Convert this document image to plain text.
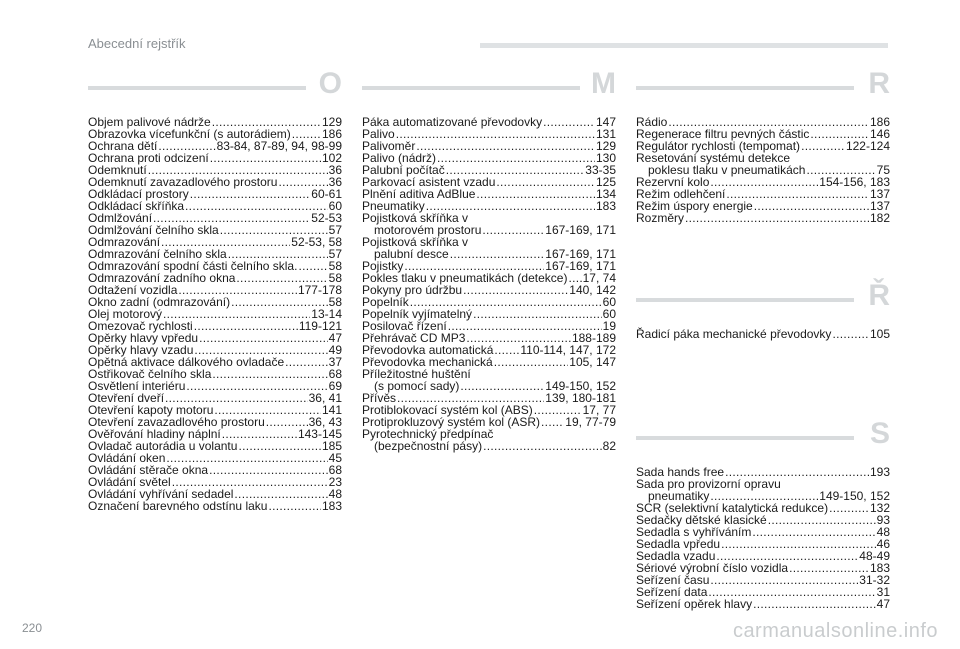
Abecední rejstřík
O
Objem palivové nádrže .....	129
Obrazovka vícefunkční (s autorádiem) .....	186
Ochrana dětí .....	83-84, 87-89, 94, 98-99
Ochrana proti odcizení .....	102
Odemknutí .....	36
Odemknutí zavazadlového prostoru .....	36
Odkládací prostory .....	60-61
Odkládací skříňka .....	60
Odmlžování .....	52-53
Odmlžování čelního skla .....	57
Odmrazování .....	52-53, 58
Odmrazování čelního skla .....	57
Odmrazování spodní části čelního skla. .....	58
Odmrazování zadního okna .....	58
Odtažení vozidla .....	177-178
Okno zadní (odmrazování) .....	58
Olej motorový .....	13-14
Omezovač rychlosti .....	119-121
Opěrky hlavy vpředu .....	47
Opěrky hlavy vzadu .....	49
Opětná aktivace dálkového ovladače .....	37
Ostřikovač čelního skla .....	68
Osvětlení interiéru .....	69
Otevření dveří .....	36, 41
Otevření kapoty motoru .....	141
Otevření zavazadlového prostoru .....	36, 43
Ověřování hladiny náplní .....	143-145
Ovladač autorádia u volantu .....	185
Ovládání oken .....	45
Ovládání stěrače okna .....	68
Ovládání světel .....	23
Ovládání vyhřívání sedadel .....	48
Označení barevného odstínu laku .....	183
M
Páka automatizované převodovky .....	147
Palivo .....	131
Palivoměr .....	129
Palivo (nádrž) .....	130
Palubní počítač .....	33-35
Parkovací asistent vzadu .....	125
Plnění aditiva AdBlue .....	134
Pneumatiky .....	183
Pojistková skříňka v
motorovém prostoru .....	167-169, 171
Pojistková skříňka v
palubní desce .....	167-169, 171
Pojistky .....	167-169, 171
Pokles tlaku v pneumatikách (detekce) ..... 17, 74
Pokyny pro údržbu .....	140, 142
Popelník .....	60
Popelník vyjímatelný .....	60
Posilovač řízení .....	19
Přehrávač CD MP3 .....	188-189
Převodovka automatická ..... 110-114, 147, 172
Převodovka mechanická .....	105, 147
Příležitostné huštění
(s pomocí sady) .....	149-150, 152
Přívěs .....	139, 180-181
Protiblokovací systém kol (ABS) .....	17, 77
Protiprokluzový systém kol (ASR) ..... 19, 77-79
Pyrotechnický předpínač
(bezpečnostní pásy) .....	82
R
Rádio .....	186
Regenerace filtru pevných částic .....	146
Regulátor rychlosti (tempomat) .....	122-124
Resetování systému detekce
poklesu tlaku v pneumatikách .....	75
Rezervní kolo .....	154-156, 183
Režim odlehčení .....	137
Režim úspory energie .....	137
Rozměry .....	182
Ř
Řadicí páka mechanické převodovky .....	105
S
Sada hands free .....	193
Sada pro provizorní opravu
pneumatiky .....	149-150, 152
SCR (selektivní katalytická redukce) .....	132
Sedačky dětské klasické .....	93
Sedadla s vyhříváním .....	48
Sedadla vpředu .....	46
Sedadla vzadu .....	48-49
Sériové výrobní číslo vozidla .....	183
Seřízení času .....	31-32
Seřízení data .....	31
Seřízení opěrek hlavy .....	47
220	carmanualsonline.info
